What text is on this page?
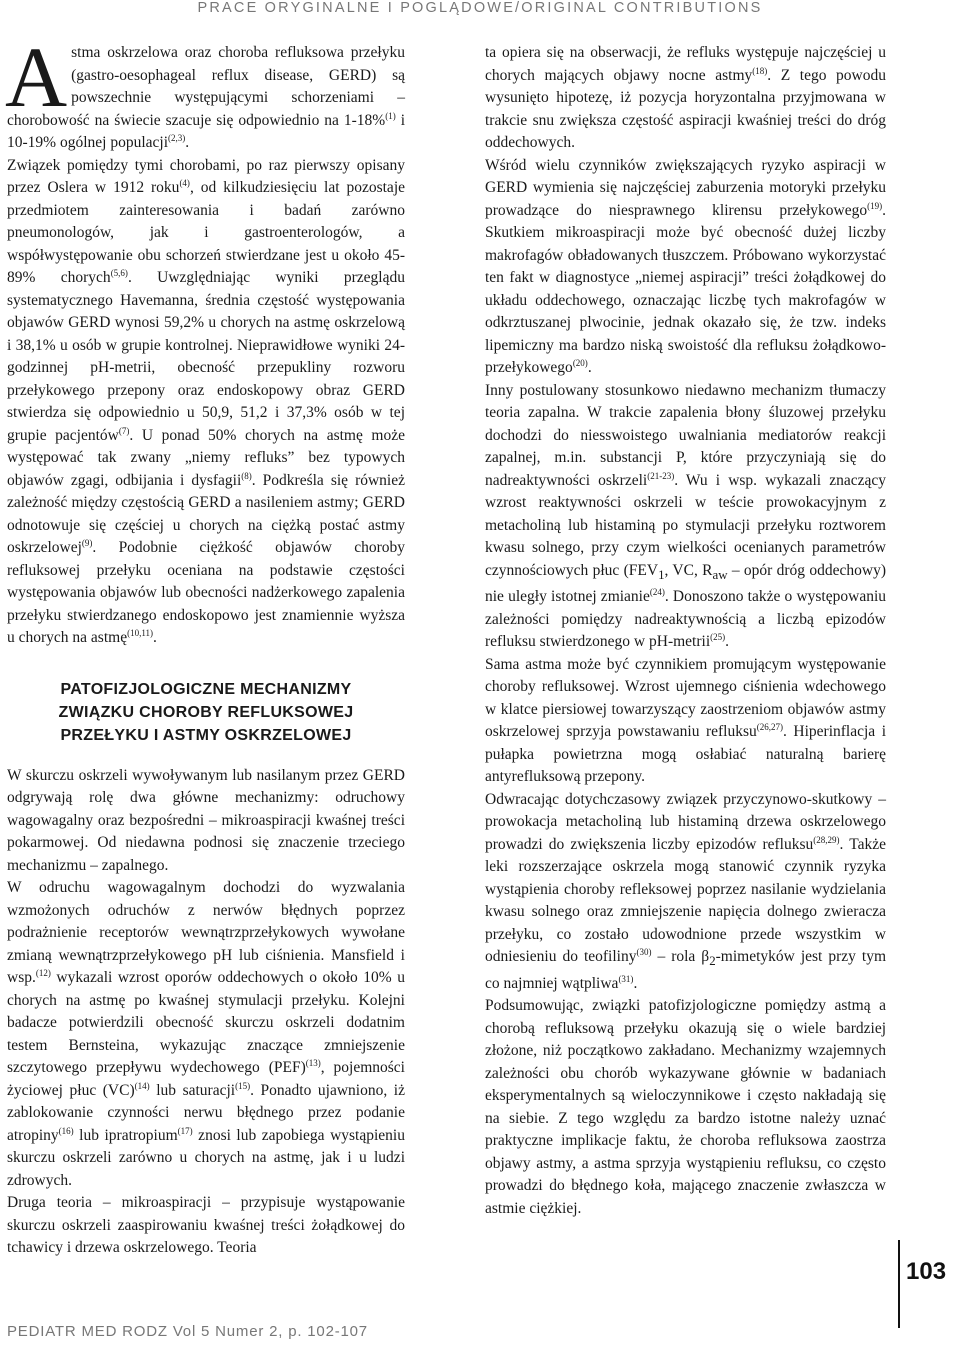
PRACE ORYGINALNE I POGLĄDOWE/ORIGINAL CONTRIBUTIONS

Astma oskrzelowa oraz choroba refluksowa przełyku (gastro-oesophageal reflux disease, GERD) są powszechnie występującymi schorzeniami – chorobowość na świecie szacuje się odpowiednio na 1-18%$^{(1)}$ i 10-19% ogólnej populacji$^{(2,3)}$.

Związek pomiędzy tymi chorobami, po raz pierwszy opisany przez Oslera w 1912 roku$^{(4)}$, od kilkudziesięciu lat pozostaje przedmiotem zainteresowania i badań zarówno pneumonologów, jak i gastroenterologów, a współwystępowanie obu schorzeń stwierdzane jest u około 45-89% chorych$^{(5,6)}$. Uwzględniając wyniki przeglądu systematycznego Havemanna, średnia częstość występowania objawów GERD wynosi 59,2% u chorych na astmę oskrzelową i 38,1% u osób w grupie kontrolnej. Nieprawidłowe wyniki 24-godzinnej pH-metrii, obecność przepukliny rozworu przełykowego przepony oraz endoskopowy obraz GERD stwierdza się odpowiednio u 50,9, 51,2 i 37,3% osób w tej grupie pacjentów$^{(7)}$. U ponad 50% chorych na astmę może występować tak zwany „niemy refluks” bez typowych objawów zgagi, odbijania i dysfagii$^{(8)}$. Podkreśla się również zależność między częstością GERD a nasileniem astmy; GERD odnotowuje się częściej u chorych na ciężką postać astmy oskrzelowej$^{(9)}$. Podobnie ciężkość objawów choroby refluksowej przełyku oceniana na podstawie częstości występowania objawów lub obecności nadżerkowego zapalenia przełyku stwierdzanego endoskopowo jest znamiennie wyższa u chorych na astmę$^{(10,11)}$.

PATOFIZJOLOGICZNE MECHANIZMY
ZWIĄZKU CHOROBY REFLUKSOWEJ
PRZEŁYKU I ASTMY OSKRZELOWEJ

W skurczu oskrzeli wywoływanym lub nasilanym przez GERD odgrywają rolę dwa główne mechanizmy: odruchowy wagowagalny oraz bezpośredni – mikroaspiracji kwaśnej treści pokarmowej. Od niedawna podnosi się znaczenie trzeciego mechanizmu – zapalnego.

W odruchu wagowagalnym dochodzi do wyzwalania wzmożonych odruchów z nerwów błędnych poprzez podrażnienie receptorów wewnątrzprzełykowych wywołane zmianą wewnątrzprzełykowego pH lub ciśnienia. Mansfield i wsp.$^{(12)}$ wykazali wzrost oporów oddechowych o około 10% u chorych na astmę po kwaśnej stymulacji przełyku. Kolejni badacze potwierdzili obecność skurczu oskrzeli dodatnim testem Bernsteina, wykazując znaczące zmniejszenie szczytowego przepływu wydechowego (PEF)$^{(13)}$, pojemności życiowej płuc (VC)$^{(14)}$ lub saturacji$^{(15)}$. Ponadto ujawniono, iż zablokowanie czynności nerwu błędnego przez podanie atropiny$^{(16)}$ lub ipratropium$^{(17)}$ znosi lub zapobiega wystąpieniu skurczu oskrzeli zarówno u chorych na astmę, jak i u ludzi zdrowych.

Druga teoria – mikroaspiracji – przypisuje wystąpowanie skurczu oskrzeli zaaspirowaniu kwaśnej treści żołądkowej do tchawicy i drzewa oskrzelowego. Teoria

ta opiera się na obserwacji, że refluks występuje najczęściej u chorych mających objawy nocne astmy$^{(18)}$. Z tego powodu wysunięto hipotezę, iż pozycja horyzontalna przyjmowana w trakcie snu zwiększa częstość aspiracji kwaśniej treści do dróg oddechowych.

Wśród wielu czynników zwiększających ryzyko aspiracji w GERD wymienia się najczęściej zaburzenia motoryki przełyku prowadzące do niesprawnego klirensu przełykowego$^{(19)}$. Skutkiem mikroaspiracji może być obecność dużej liczby makrofagów obładowanych tłuszczem. Próbowano wykorzystać ten fakt w diagnostyce „niemej aspiracji” treści żołądkowej do układu oddechowego, oznaczając liczbę tych makrofagów w odkrztuszanej plwocinie, jednak okazało się, że tzw. indeks lipemiczny ma bardzo niską swoistość dla refluksu żołądkowo-przełykowego$^{(20)}$.

Inny postulowany stosunkowo niedawno mechanizm tłumaczy teoria zapalna. W trakcie zapalenia błony śluzowej przełyku dochodzi do niesswoistego uwalniania mediatorów reakcji zapalnej, m.in. substancji P, które przyczyniają się do nadreaktywności oskrzeli$^{(21-23)}$. Wu i wsp. wykazali znaczący wzrost reaktywności oskrzeli w teście prowokacyjnym z metacholiną lub histaminą po stymulacji przełyku roztworem kwasu solnego, przy czym wielkości ocenianych parametrów czynnościowych płuc ($FEV_1$, VC, $R_{aw}$ – opór dróg oddechowy) nie uległy istotnej zmianie$^{(24)}$. Donoszono także o występowaniu zależności pomiędzy nadreaktywnością a liczbą epizodów refluksu stwierdzonego w pH-metrii$^{(25)}$.

Sama astma może być czynnikiem promującym występowanie choroby refluksowej. Wzrost ujemnego ciśnienia wdechowego w klatce piersiowej towarzyszący zaostrzeniom objawów astmy oskrzelowej sprzyja powstawaniu refluksu$^{(26,27)}$. Hiperinflacja i pułapka powietrzna mogą osłabiać naturalną barierę antyrefluksową przepony.

Odwracając dotychczasowy związek przyczynowo-skutkowy – prowokacja metacholiną lub histaminą drzewa oskrzelowego prowadzi do zwiększenia liczby epizodów refluksu$^{(28,29)}$. Także leki rozszerzające oskrzela mogą stanowić czynnik ryzyka wystąpienia choroby refleksowej poprzez nasilanie wydzielania kwasu solnego oraz zmniejszenie napięcia dolnego zwieracza przełyku, co zostało udowodnione przede wszystkim w odniesieniu do teofiliny$^{(30)}$ – rola $\beta_2$-mimetyków jest przy tym co najmniej wątpliwa$^{(31)}$.

Podsumowując, związki patofizjologiczne pomiędzy astmą a chorobą refluksową przełyku okazują się o wiele bardziej złożone, niż początkowo zakładano. Mechanizmy wzajemnych zależności obu chorób wykazywane głównie w badaniach eksperymentalnych są wieloczynnikowe i często nakładają się na siebie. Z tego względu za bardzo istotne należy uznać praktyczne implikacje faktu, że choroba refluksowa zaostrza objawy astmy, a astma sprzyja wystąpieniu refluksu, co często prowadzi do błędnego koła, mającego znaczenie zwłaszcza w astmie ciężkiej.

103
PEDIATR MED RODZ Vol 5 Numer 2, p. 102-107
